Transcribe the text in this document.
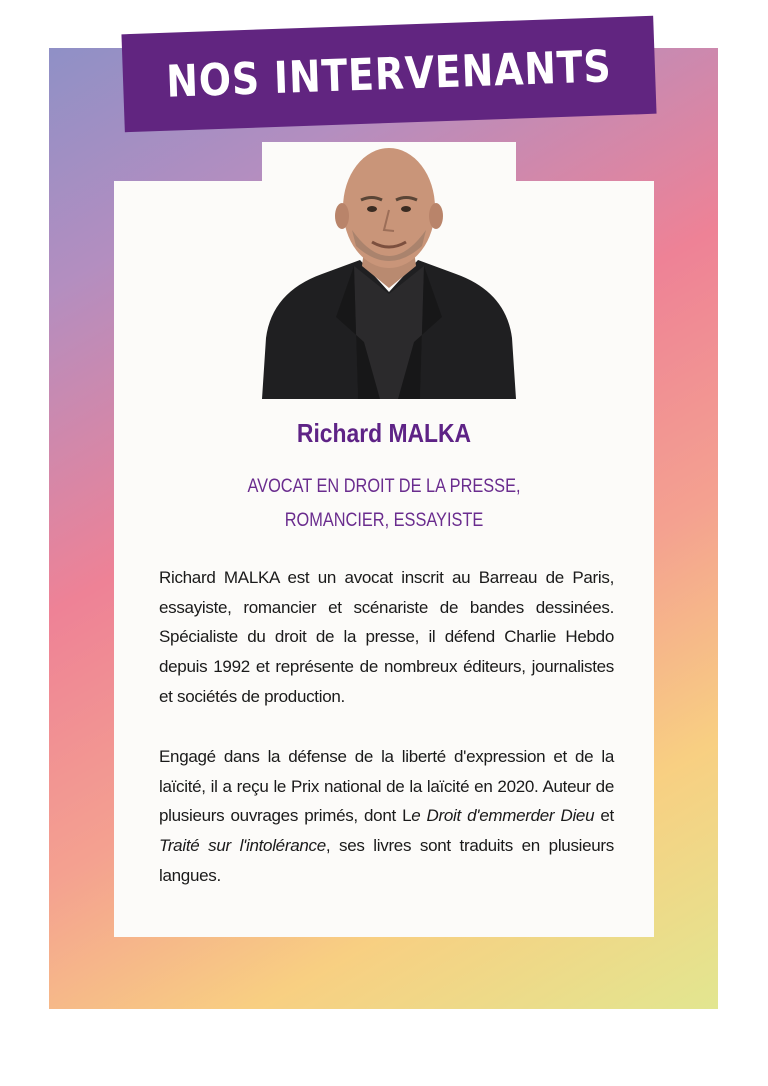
NOS INTERVENANTS
Richard MALKA
AVOCAT EN DROIT DE LA PRESSE,
ROMANCIER, ESSAYISTE
Richard MALKA est un avocat inscrit au Barreau de Paris, essayiste, romancier et scénariste de bandes dessinées. Spécialiste du droit de la presse, il défend Charlie Hebdo depuis 1992 et représente de nombreux éditeurs, journalistes et sociétés de production.
Engagé dans la défense de la liberté d'expression et de la laïcité, il a reçu le Prix national de la laïcité en 2020. Auteur de plusieurs ouvrages primés, dont Le Droit d'emmerder Dieu et Traité sur l'intolérance, ses livres sont traduits en plusieurs langues.
